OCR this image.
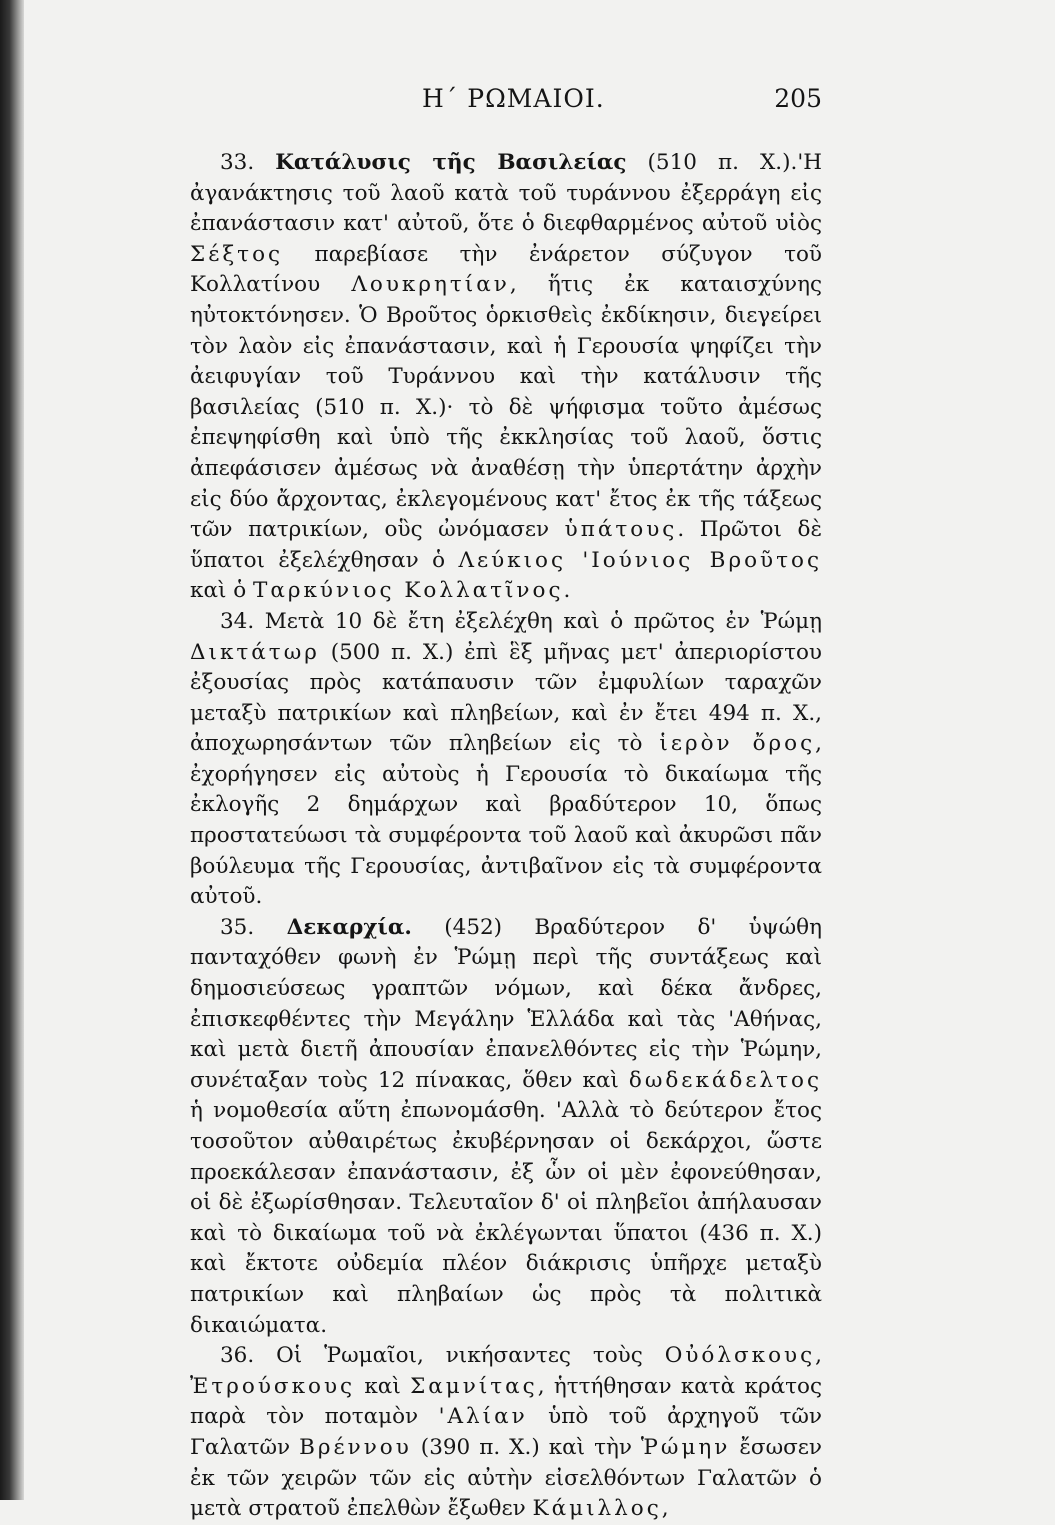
Η΄ ΡΩΜΑΙΟΙ.	205

33. Κατάλυσις τῆς Βασιλείας (510 π. Χ.).'Η ἀγανάκτησις τοῦ λαοῦ κατὰ τοῦ τυράννου ἐξερράγη εἰς ἐπανάστασιν κατ' αὐτοῦ, ὅτε ὁ διεφθαρμένος αὐτοῦ υἱὸς Σέξτος παρεβίασε τὴν ἐνάρετον σύζυγον τοῦ Κολλατίνου Λουκρητίαν, ἥτις ἐκ καταισχύνης ηὐτοκτόνησεν. Ὁ Βροῦτος ὁρκισθεὶς ἐκδίκησιν, διεγείρει τὸν λαὸν εἰς ἐπανάστασιν, καὶ ἡ Γερουσία ψηφίζει τὴν ἀειφυγίαν τοῦ Τυράννου καὶ τὴν κατάλυσιν τῆς βασιλείας (510 π. Χ.)· τὸ δὲ ψήφισμα τοῦτο ἀμέσως ἐπεψηφίσθη καὶ ὑπὸ τῆς ἐκκλησίας τοῦ λαοῦ, ὅστις ἀπεφάσισεν ἀμέσως νὰ ἀναθέσῃ τὴν ὑπερτάτην ἀρχὴν εἰς δύο ἄρχοντας, ἐκλεγομένους κατ' ἔτος ἐκ τῆς τάξεως τῶν πατρικίων, οὓς ὠνόμασεν ὑπάτους. Πρῶτοι δὲ ὕπατοι ἐξελέχθησαν ὁ Λεύκιος 'Ιούνιος Βροῦτος καὶ ὁ Ταρκύνιος Κολλατῖνος.

34. Μετὰ 10 δὲ ἔτη ἐξελέχθη καὶ ὁ πρῶτος ἐν Ῥώμῃ Δικτάτωρ (500 π. Χ.) ἐπὶ ἓξ μῆνας μετ' ἀπεριορίστου ἐξουσίας πρὸς κατάπαυσιν τῶν ἐμφυλίων ταραχῶν μεταξὺ πατρικίων καὶ πληβείων, καὶ ἐν ἔτει 494 π. Χ., ἀποχωρησάντων τῶν πληβείων εἰς τὸ ἱερὸν ὄρος, ἐχορήγησεν εἰς αὐτοὺς ἡ Γερουσία τὸ δικαίωμα τῆς ἐκλογῆς 2 δημάρχων καὶ βραδύτερον 10, ὅπως προστατεύωσι τὰ συμφέροντα τοῦ λαοῦ καὶ ἀκυρῶσι πᾶν βούλευμα τῆς Γερουσίας, ἀντιβαῖνον εἰς τὰ συμφέροντα αὐτοῦ.

35. Δεκαρχία. (452) Βραδύτερον δ' ὑψώθη πανταχόθεν φωνὴ ἐν Ῥώμῃ περὶ τῆς συντάξεως καὶ δημοσιεύσεως γραπτῶν νόμων, καὶ δέκα ἄνδρες, ἐπισκεφθέντες τὴν Μεγάλην Ἑλλάδα καὶ τὰς 'Αθήνας, καὶ μετὰ διετῆ ἀπουσίαν ἐπανελθόντες εἰς τὴν Ῥώμην, συνέταξαν τοὺς 12 πίνακας, ὅθεν καὶ δωδεκάδελτος ἡ νομοθεσία αὕτη ἐπωνομάσθη. 'Αλλὰ τὸ δεύτερον ἔτος τοσοῦτον αὐθαιρέτως ἐκυβέρνησαν οἱ δεκάρχοι, ὥστε προεκάλεσαν ἐπανάστασιν, ἐξ ὧν οἱ μὲν ἐφονεύθησαν, οἱ δὲ ἐξωρίσθησαν. Τελευταῖον δ' οἱ πληβεῖοι ἀπήλαυσαν καὶ τὸ δικαίωμα τοῦ νὰ ἐκλέγωνται ὕπατοι (436 π. Χ.) καὶ ἔκτοτε οὐδεμία πλέον διάκρισις ὑπῆρχε μεταξὺ πατρικίων καὶ πληβαίων ὡς πρὸς τὰ πολιτικὰ δικαιώματα.

36. Οἱ Ῥωμαῖοι, νικήσαντες τοὺς Οὐόλσκους, Ἐτρούσκους καὶ Σαμνίτας, ἡττήθησαν κατὰ κράτος παρὰ τὸν ποταμὸν 'Αλίαν ὑπὸ τοῦ ἀρχηγοῦ τῶν Γαλατῶν Βρέννου (390 π. Χ.) καὶ τὴν Ῥώμην ἔσωσεν ἐκ τῶν χειρῶν τῶν εἰς αὐτὴν εἰσελθόντων Γαλατῶν ὁ μετὰ στρατοῦ ἐπελθὼν ἔξωθεν Κάμιλλος,
